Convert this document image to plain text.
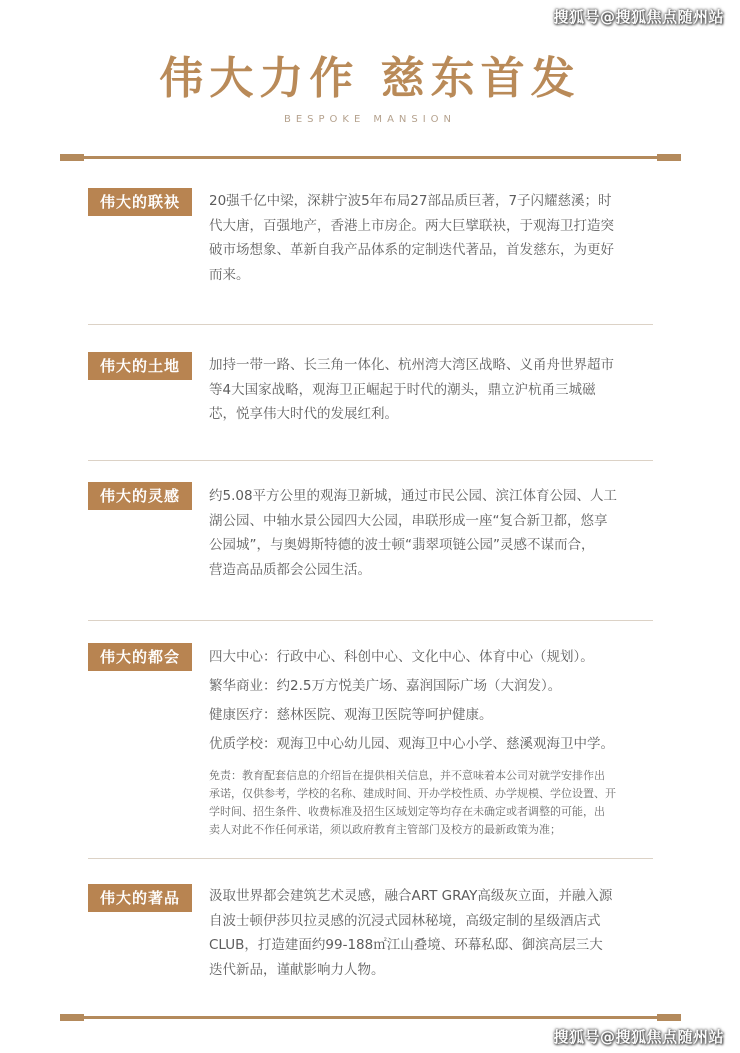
搜狐号@搜狐焦点随州站
伟大力作 慈东首发
BESPOKE MANSION
伟大的联袂	20强千亿中梁，深耕宁波5年布局27部品质巨著，7子闪耀慈溪；时
代大唐，百强地产，香港上市房企。两大巨擘联袂，于观海卫打造突
破市场想象、革新自我产品体系的定制迭代著品，首发慈东，为更好
而来。
伟大的土地	加持一带一路、长三角一体化、杭州湾大湾区战略、义甬舟世界超市
等4大国家战略，观海卫正崛起于时代的潮头，鼎立沪杭甬三城磁
芯，悦享伟大时代的发展红利。
伟大的灵感	约5.08平方公里的观海卫新城，通过市民公园、滨江体育公园、人工
湖公园、中轴水景公园四大公园，串联形成一座“复合新卫都，悠享
公园城”，与奥姆斯特德的波士顿“翡翠项链公园”灵感不谋而合，
营造高品质都会公园生活。
伟大的都会	四大中心：行政中心、科创中心、文化中心、体育中心（规划）。
繁华商业：约2.5万方悦美广场、嘉润国际广场（大润发）。
健康医疗：慈林医院、观海卫医院等呵护健康。
优质学校：观海卫中心幼儿园、观海卫中心小学、慈溪观海卫中学。
免责：教育配套信息的介绍旨在提供相关信息，并不意味着本公司对就学安排作出
承诺，仅供参考，学校的名称、建成时间、开办学校性质、办学规模、学位设置、开
学时间、招生条件、收费标准及招生区域划定等均存在未确定或者调整的可能，出
卖人对此不作任何承诺，须以政府教育主管部门及校方的最新政策为准；
伟大的著品	汲取世界都会建筑艺术灵感，融合ART GRAY高级灰立面，并融入源
自波士顿伊莎贝拉灵感的沉浸式园林秘境，高级定制的星级酒店式
CLUB，打造建面约99-188㎡江山叠境、环幕私邸、御滨高层三大
迭代新品，谨献影响力人物。
搜狐号@搜狐焦点随州站
